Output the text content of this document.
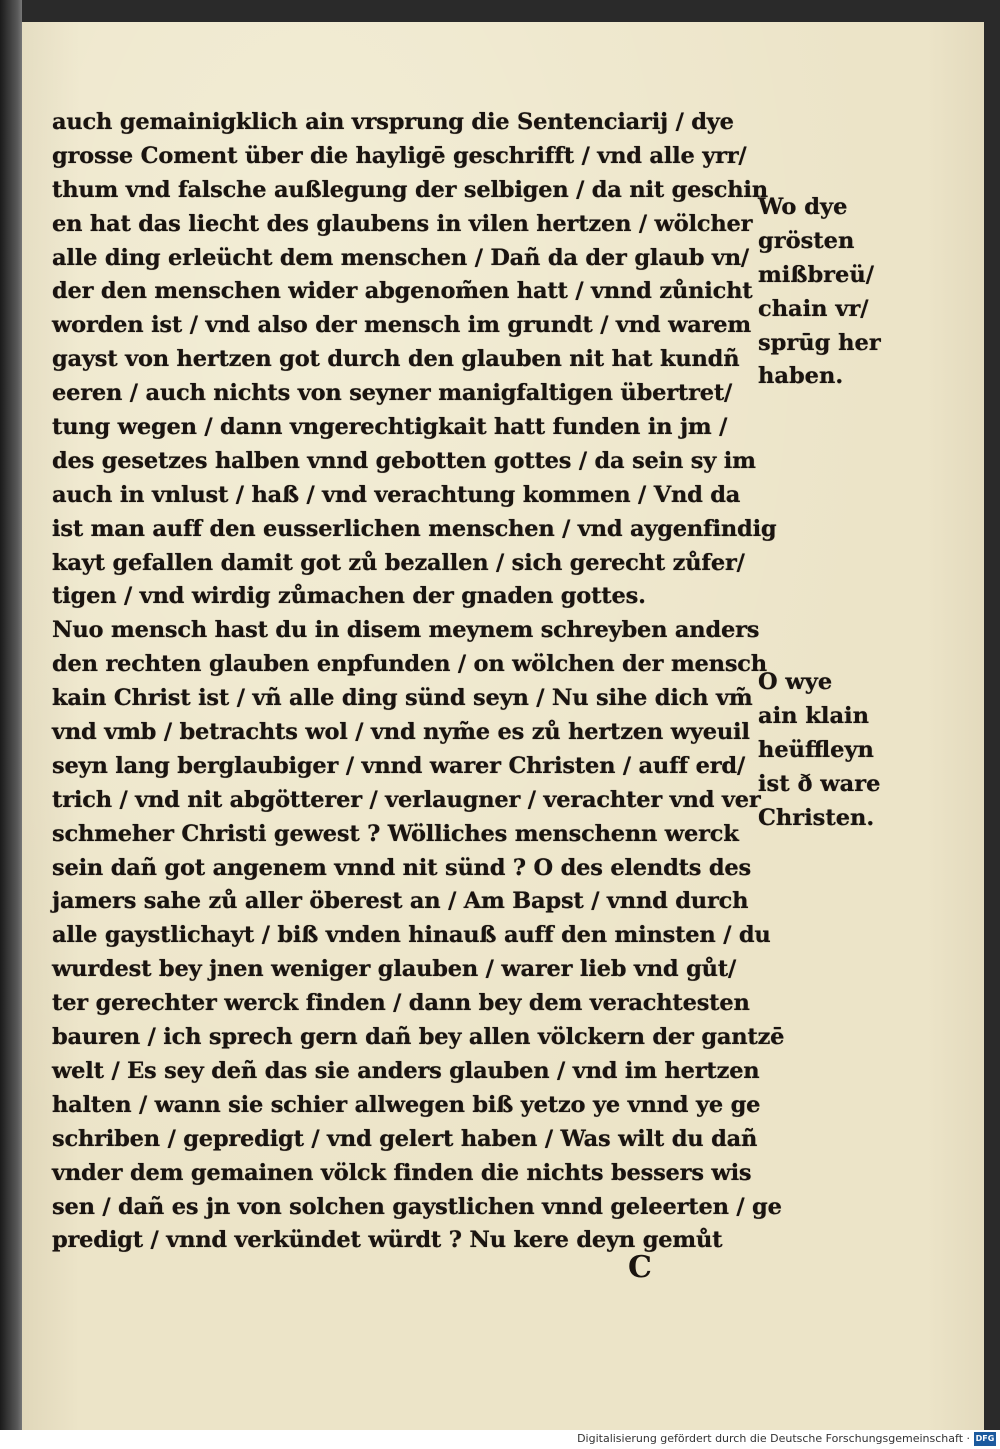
auch gemainigklich ain vrsprung die Sentenciarij / dye
grosse Coment über die hayligē geschrifft / vnd alle yrr/
thum vnd falsche außlegung der selbigen / da nit geschin
en hat das liecht des glaubens in vilen hertzen / wölcher
alle ding erleücht dem menschen / Dañ da der glaub vn/
der den menschen wider abgenom̃en hatt / vnnd zůnicht
worden ist / vnd also der mensch im grundt / vnd warem
gayst von hertzen got durch den glauben nit hat kundñ
eeren / auch nichts von seyner manigfaltigen übertret/
tung wegen / dann vngerechtigkait hatt funden in jm /
des gesetzes halben vnnd gebotten gottes / da sein sy im
auch in vnlust / haß / vnd verachtung kommen / Vnd da
ist man auff den eusserlichen menschen / vnd aygenfindig
kayt gefallen damit got zů bezallen / sich gerecht zůfer/
tigen / vnd wirdig zůmachen der gnaden gottes.
Nuo mensch hast du in disem meynem schreyben anders
den rechten glauben enpfunden / on wölchen der mensch
kain Christ ist / vñ alle ding sünd seyn / Nu sihe dich vm̃
vnd vmb / betrachts wol / vnd nym̃e es zů hertzen wyeuil
seyn lang berglaubiger / vnnd warer Christen / auff erd/
trich / vnd nit abgötterer / verlaugner / verachter vnd ver
schmeher Christi gewest ? Wölliches menschenn werck
sein dañ got angenem vnnd nit sünd ? O des elendts des
jamers sahe zů aller öberest an / Am Bapst / vnnd durch
alle gaystlichayt / biß vnden hinauß auff den minsten / du
wurdest bey jnen weniger glauben / warer lieb vnd gůt/
ter gerechter werck finden / dann bey dem verachtesten
bauren / ich sprech gern dañ bey allen völckern der gantzē
welt / Es sey deñ das sie anders glauben / vnd im hertzen
halten / wann sie schier allwegen biß yetzo ye vnnd ye ge
schriben / gepredigt / vnd gelert haben / Was wilt du dañ
vnder dem gemainen völck finden die nichts bessers wis
sen / dañ es jn von solchen gaystlichen vnnd geleerten / ge
predigt / vnnd verkündet würdt ? Nu kere deyn gemůt
Wo dye
grösten
mißbreü/
chain vr/
sprūg her
haben.
O wye
ain klain
heüffleyn
ist ð ware
Christen.
C
Digitalisierung gefördert durch die Deutsche Forschungsgemeinschaft · DFG
